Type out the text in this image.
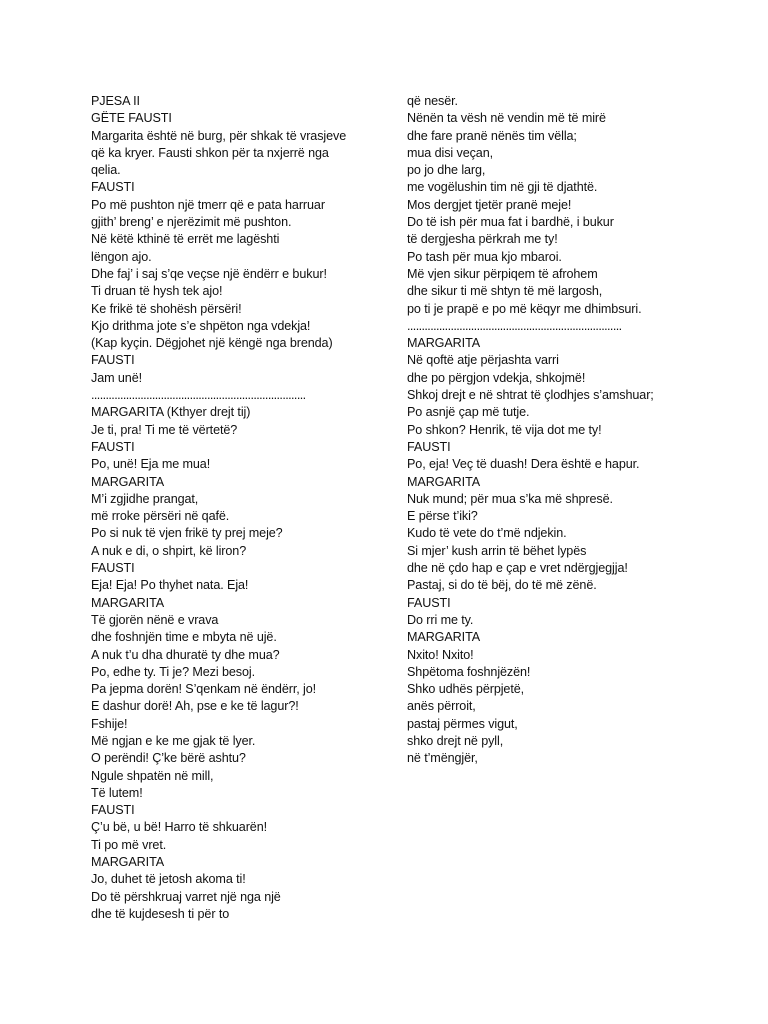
PJESA II
GËTE FAUSTI
Margarita është në burg, për shkak të vrasjeve
që ka kryer. Fausti shkon për ta nxjerrë nga
qelia.
FAUSTI
Po më pushton një tmerr që e pata harruar
gjith’ breng’ e njerëzimit më pushton.
Në këtë kthinë të errët me lagështi
lëngon ajo.
Dhe faj’ i saj s’qe veçse një ëndërr e bukur!
Ti druan të hysh tek ajo!
Ke frikë të shohësh përsëri!
Kjo drithma jote s’e shpëton nga vdekja!
(Kap kyçin. Dëgjohet një këngë nga brenda)
FAUSTI
Jam unë!
..........................................................................
MARGARITA (Kthyer drejt tij)
Je ti, pra! Ti me të vërtetë?
FAUSTI
Po, unë! Eja me mua!
MARGARITA
M’i zgjidhe prangat,
më rroke përsëri në qafë.
Po si nuk të vjen frikë ty prej meje?
A nuk e di, o shpirt, kë liron?
FAUSTI
Eja! Eja! Po thyhet nata. Eja!
MARGARITA
Të gjorën nënë e vrava
dhe foshnjën time e mbyta në ujë.
A nuk t’u dha dhuratë ty dhe mua?
Po, edhe ty. Ti je? Mezi besoj.
Pa jepma dorën! S’qenkam në ëndërr, jo!
E dashur dorë! Ah, pse e ke të lagur?!
Fshije!
Më ngjan e ke me gjak të lyer.
O perëndi! Ç’ke bërë ashtu?
Ngule shpatën në mill,
Të lutem!
FAUSTI
Ç’u bë, u bë! Harro të shkuarën!
Ti po më vret.
MARGARITA
Jo, duhet të jetosh akoma ti!
Do të përshkruaj varret një nga një
dhe të kujdesesh ti për to
që nesër.
Nënën ta vësh në vendin më të mirë
dhe fare pranë nënës tim vëlla;
mua disi veçan,
po jo dhe larg,
me vogëlushin tim në gji të djathtë.
Mos dergjet tjetër pranë meje!
Do të ish për mua fat i bardhë, i bukur
të dergjesha përkrah me ty!
Po tash për mua kjo mbaroi.
Më vjen sikur përpiqem të afrohem
dhe sikur ti më shtyn të më largosh,
po ti je prapë e po më këqyr me dhimbsuri.
..........................................................................
MARGARITA
Në qoftë atje përjashta varri
dhe po përgjon vdekja, shkojmë!
Shkoj drejt e në shtrat të çlodhjes s’amshuar;
Po asnjë çap më tutje.
Po shkon? Henrik, të vija dot me ty!
FAUSTI
Po, eja! Veç të duash! Dera është e hapur.
MARGARITA
Nuk mund; për mua s’ka më shpresë.
E përse t’iki?
Kudo të vete do t’më ndjekin.
Si mjer’ kush arrin të bëhet lypës
dhe në çdo hap e çap e vret ndërgjegjja!
Pastaj, si do të bëj, do të më zënë.
FAUSTI
Do rri me ty.
MARGARITA
Nxito! Nxito!
Shpëtoma foshnjëzën!
Shko udhës përpjetë,
anës përroit,
pastaj përmes vigut,
shko drejt në pyll,
në t’mëngjër,
